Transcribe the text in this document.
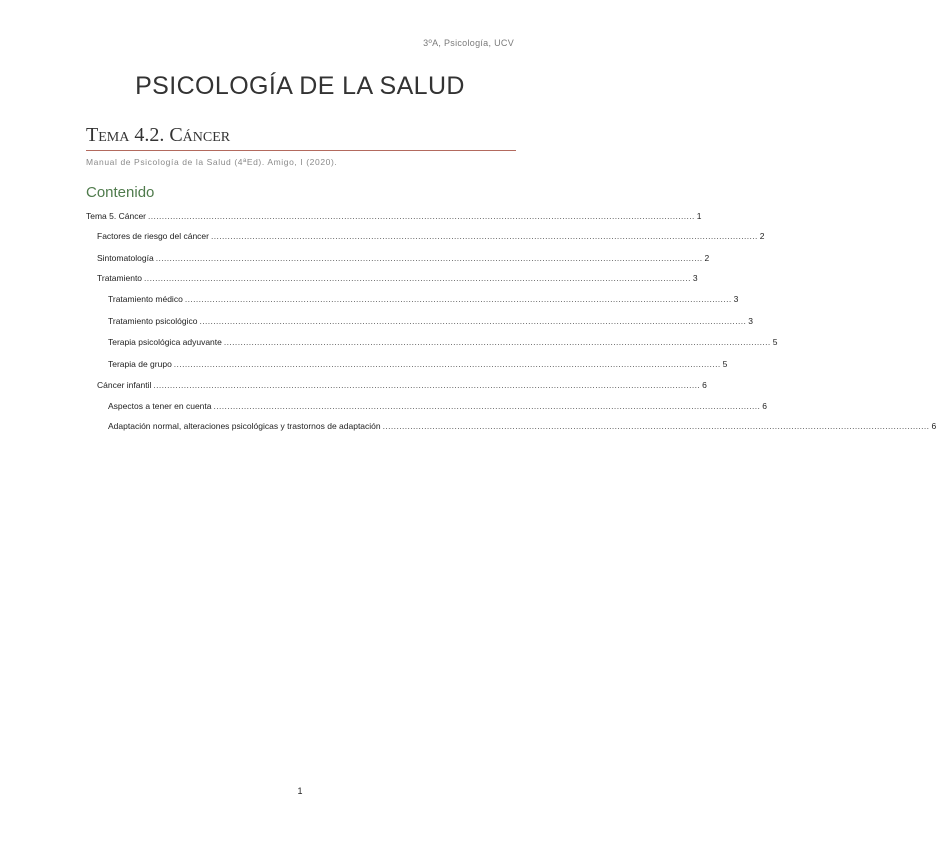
3ºA, Psicología, UCV
PSICOLOGÍA DE LA SALUD
Tema 4.2. Cáncer
Manual de Psicología de la Salud (4ªEd). Amigo, I (2020).
Contenido
Tema 5. Cáncer ...................................................................................................................................................................................................... 1
Factores de riesgo del cáncer ...................................................................................................................................................................................................... 2
Sintomatología ...................................................................................................................................................................................................... 2
Tratamiento ...................................................................................................................................................................................................... 3
Tratamiento médico ...................................................................................................................................................................................................... 3
Tratamiento psicológico ...................................................................................................................................................................................................... 3
Terapia psicológica adyuvante ...................................................................................................................................................................................................... 5
Terapia de grupo ...................................................................................................................................................................................................... 5
Cáncer infantil ...................................................................................................................................................................................................... 6
Aspectos a tener en cuenta ...................................................................................................................................................................................................... 6
Adaptación normal, alteraciones psicológicas y trastornos de adaptación ...................................................................................................................................................................................................... 6
1
